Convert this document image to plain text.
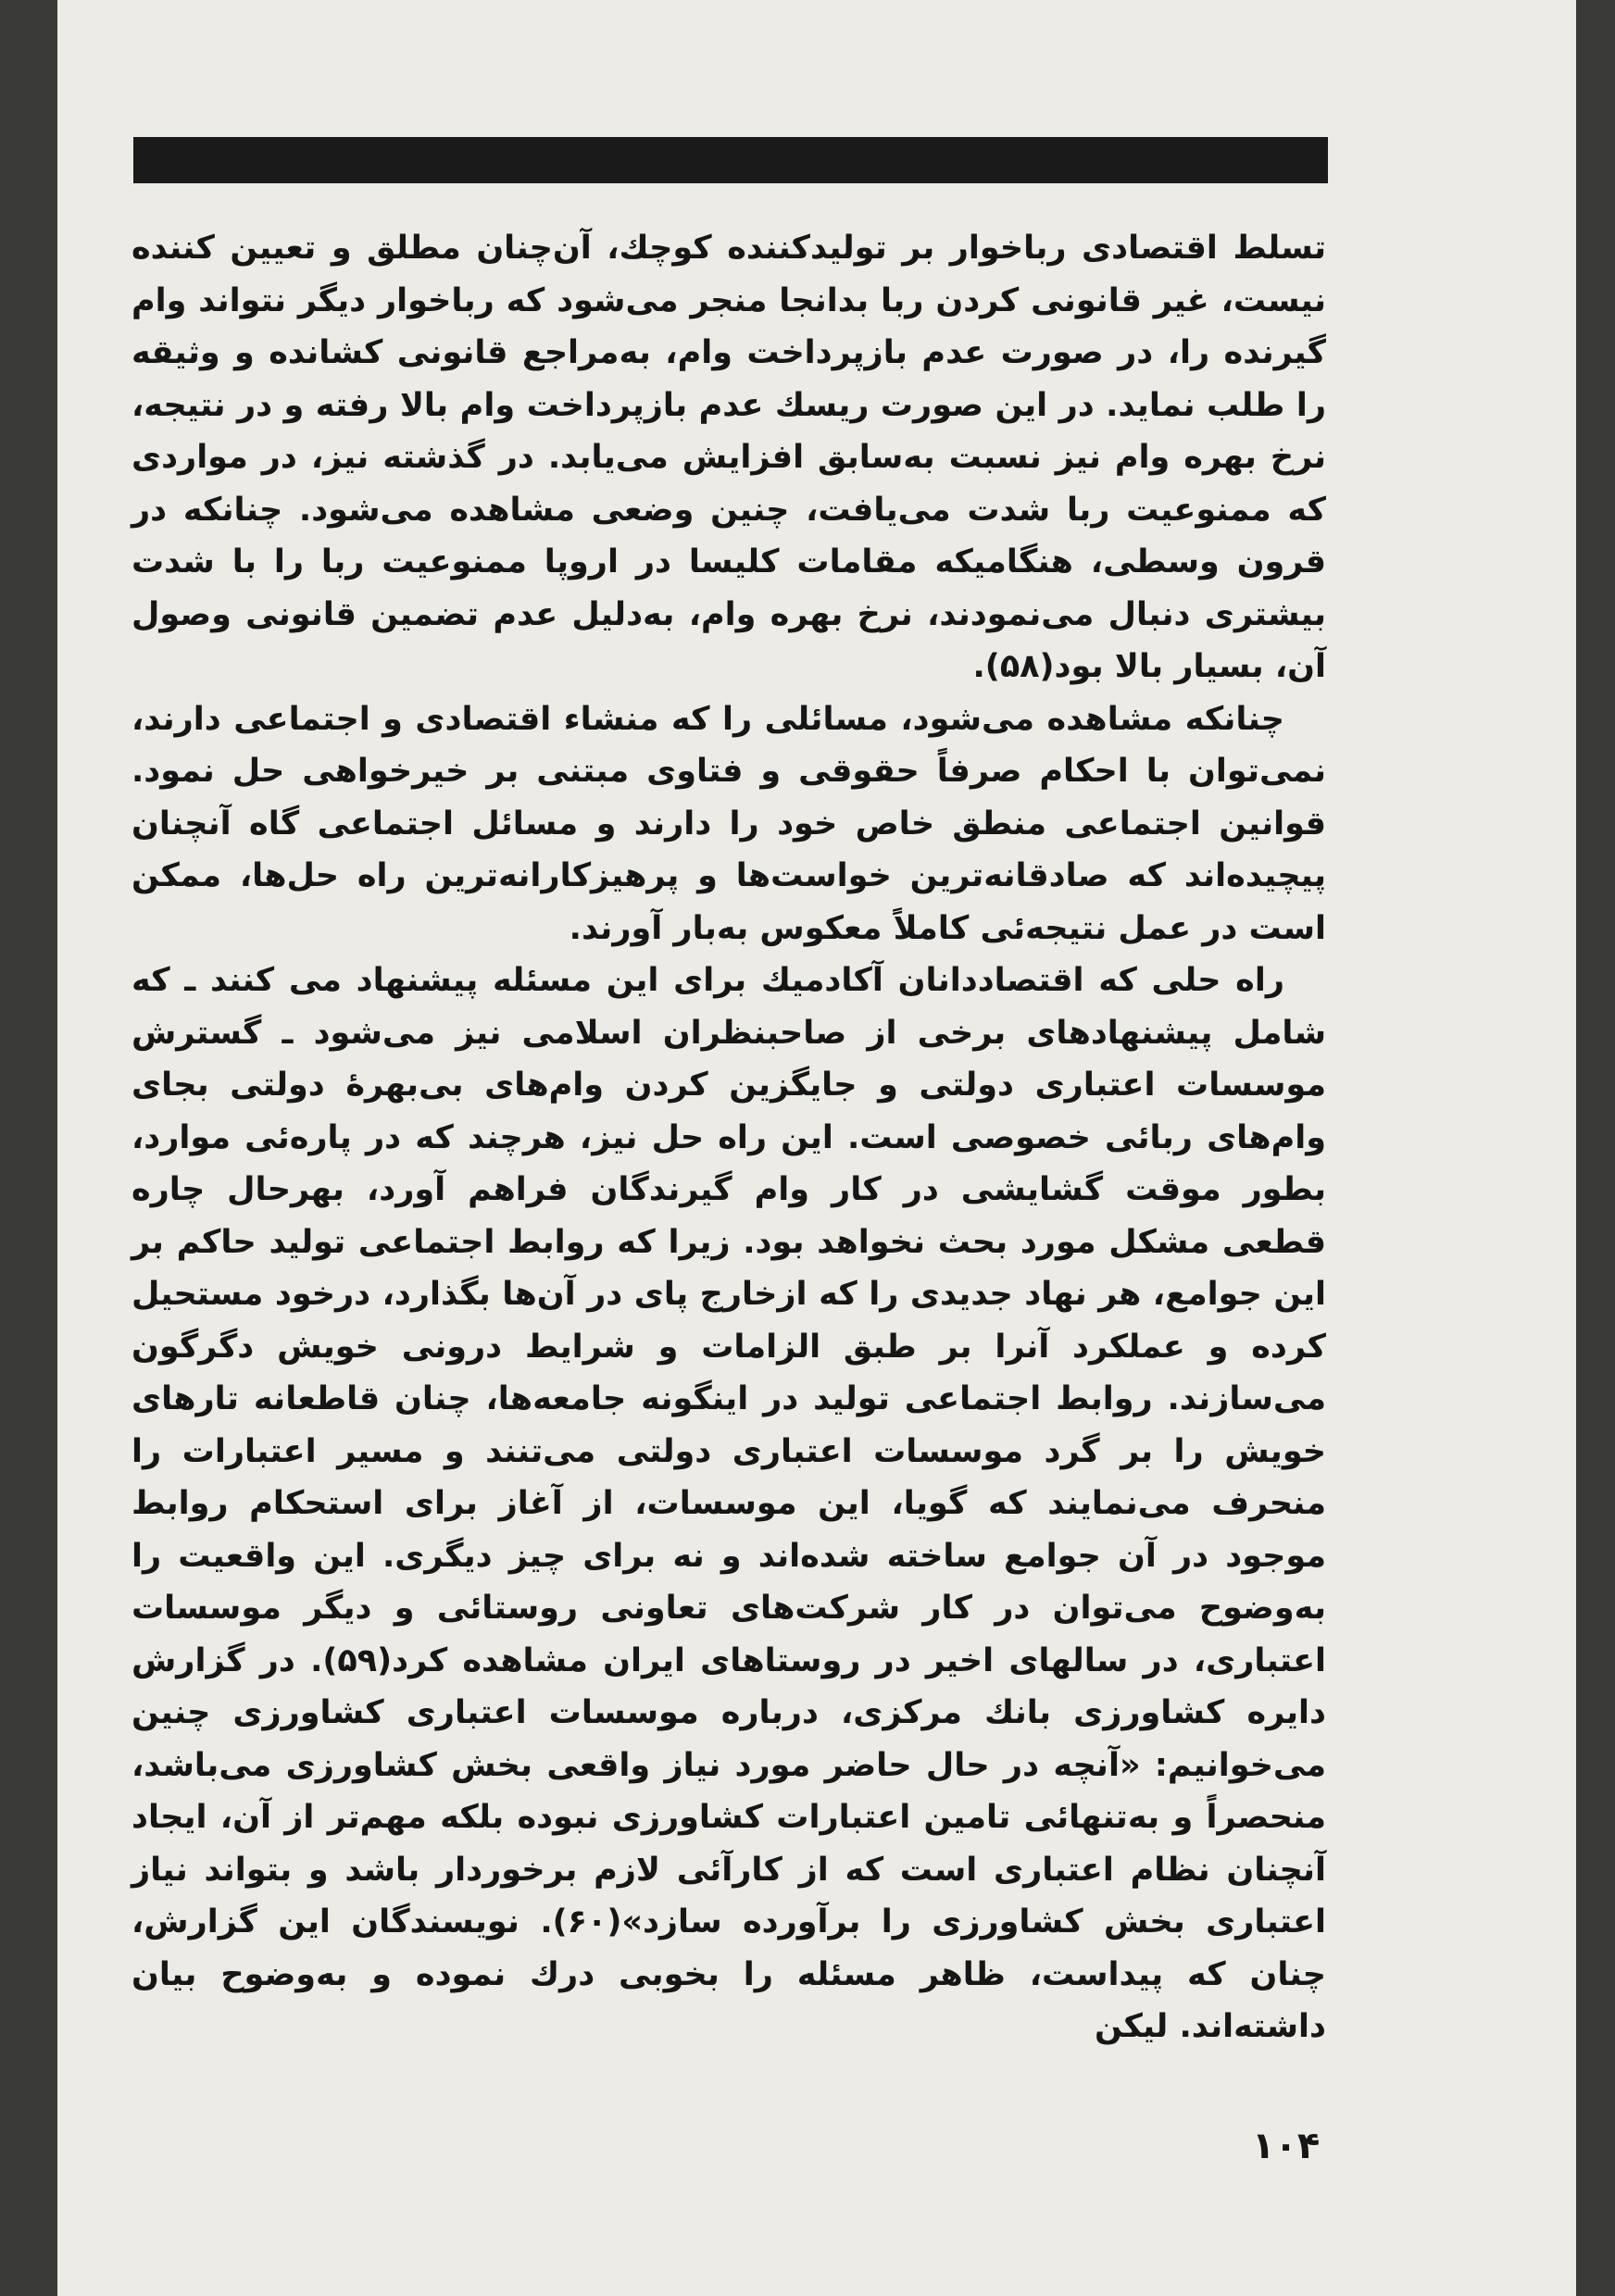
تسلط اقتصادی رباخوار بر تولیدکننده کوچك، آن‌چنان مطلق و تعیین کننده نیست، غیر قانونی کردن ربا بدانجا منجر می‌شود که رباخوار دیگر نتواند وام گیرنده را، در صورت عدم بازپرداخت وام، به‌مراجع قانونی کشانده و وثیقه را طلب نماید. در این صورت ریسك عدم بازپرداخت وام بالا رفته و در نتیجه، نرخ بهره وام نیز نسبت به‌سابق افزایش می‌یابد. در گذشته نیز، در مواردی که ممنوعیت ربا شدت می‌یافت، چنین وضعی مشاهده می‌شود. چنانکه در قرون وسطی، هنگامیکه مقامات کلیسا در اروپا ممنوعیت ربا را با شدت بیشتری دنبال می‌نمودند، نرخ بهره وام، به‌دلیل عدم تضمین قانونی وصول آن، بسیار بالا بود(۵۸).

چنانکه مشاهده می‌شود، مسائلی را که منشاء اقتصادی و اجتماعی دارند، نمی‌توان با احکام صرفاً حقوقی و فتاوی مبتنی بر خیرخواهی حل نمود. قوانین اجتماعی منطق خاص خود را دارند و مسائل اجتماعی گاه آنچنان پیچیده‌اند که صادقانه‌ترین خواست‌ها و پرهیزکارانه‌ترین راه حل‌ها، ممکن است در عمل نتیجه‌ئی کاملاً معکوس به‌بار آورند.

راه حلی که اقتصاددانان آکادمیك برای این مسئله پیشنهاد می کنند ـ که شامل پیشنهادهای برخی از صاحبنظران اسلامی نیز می‌شود ـ گسترش موسسات اعتباری دولتی و جایگزین کردن وام‌های بی‌بهرهٔ دولتی بجای وام‌های ربائی خصوصی است. این راه حل نیز، هرچند که در پاره‌ئی موارد، بطور موقت گشایشی در کار وام گیرندگان فراهم آورد، بهرحال چاره قطعی مشکل مورد بحث نخواهد بود. زیرا که روابط اجتماعی تولید حاکم بر این جوامع، هر نهاد جدیدی را که ازخارج پای در آن‌ها بگذارد، درخود مستحیل کرده و عملکرد آنرا بر طبق الزامات و شرایط درونی خویش دگرگون می‌سازند. روابط اجتماعی تولید در اینگونه جامعه‌ها، چنان قاطعانه تارهای خویش را بر گرد موسسات اعتباری دولتی می‌تنند و مسیر اعتبارات را منحرف می‌نمایند که گویا، این موسسات، از آغاز برای استحکام روابط موجود در آن جوامع ساخته شده‌اند و نه برای چیز دیگری. این واقعیت را به‌وضوح می‌توان در کار شرکت‌های تعاونی روستائی و دیگر موسسات اعتباری، در سالهای اخیر در روستاهای ایران مشاهده کرد(۵۹). در گزارش دایره کشاورزی بانك مرکزی، درباره موسسات اعتباری کشاورزی چنین می‌خوانیم: «آنچه در حال حاضر مورد نیاز واقعی بخش کشاورزی می‌باشد، منحصراً و به‌تنهائی تامین اعتبارات کشاورزی نبوده بلکه مهم‌تر از آن، ایجاد آنچنان نظام اعتباری است که از کارآئی لازم برخوردار باشد و بتواند نیاز اعتباری بخش کشاورزی را برآورده سازد»(۶۰). نویسندگان این گزارش، چنان که پیداست، ظاهر مسئله را بخوبی درك نموده و به‌وضوح بیان داشته‌اند. لیکن

۱۰۴
